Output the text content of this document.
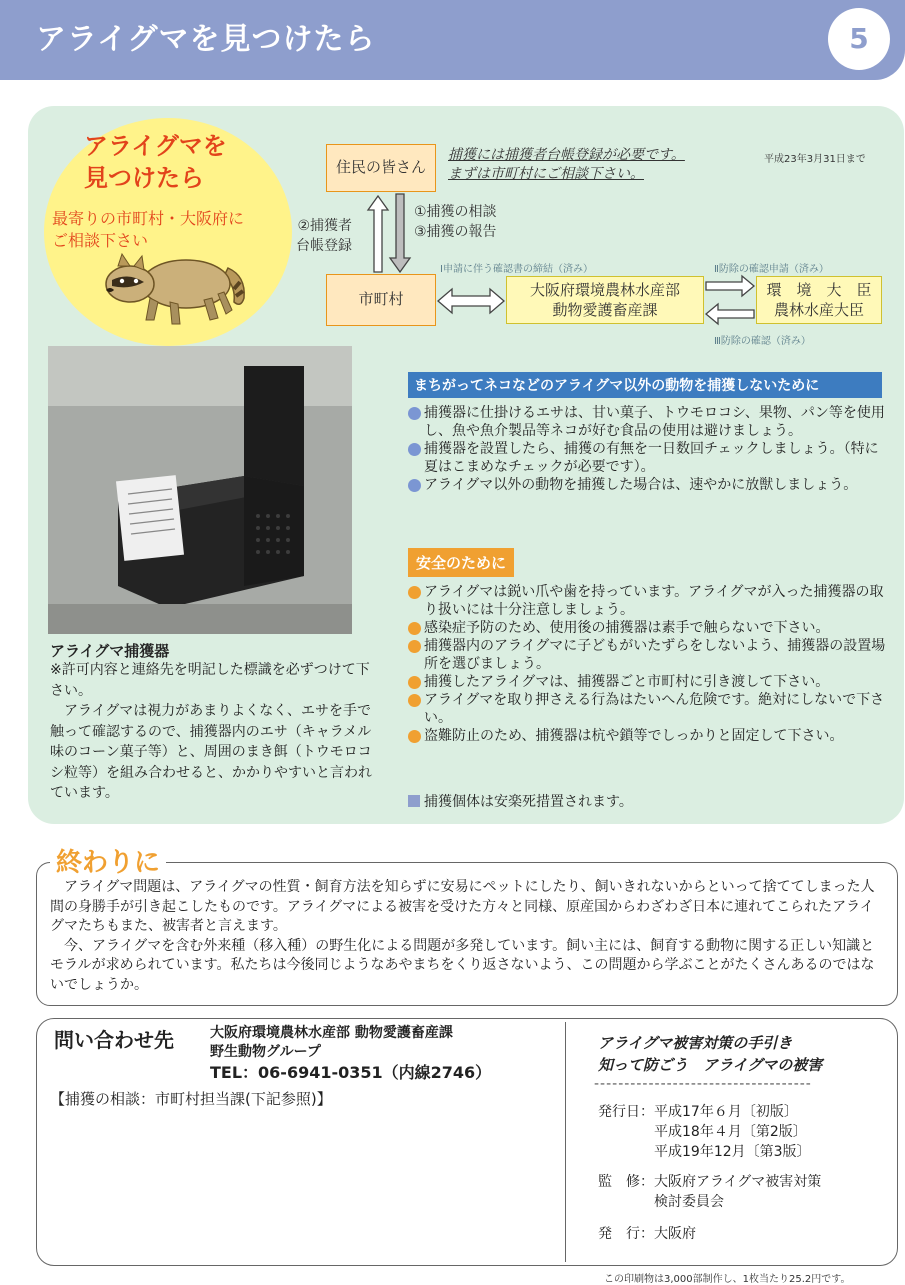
アライグマを見つけたら	5
アライグマを
見つけたら
最寄りの市町村・大阪府に
ご相談下さい
住民の皆さん
捕獲には捕獲者台帳登録が必要です。
まずは市町村にご相談下さい。
平成23年3月31日まで
②捕獲者
台帳登録
①捕獲の相談
③捕獲の報告
市町村	大阪府環境農林水産部
動物愛護畜産課
環　境　大　臣
農林水産大臣
Ⅰ申請に伴う確認書の締結（済み）	Ⅱ防除の確認申請（済み）
Ⅲ防除の確認（済み）
アライグマ捕獲器
※許可内容と連絡先を明記した標識を必ずつけて下さい。
　アライグマは視力があまりよくなく、エサを手で触って確認するので、捕獲器内のエサ（キャラメル味のコーン菓子等）と、周囲のまき餌（トウモロコシ粒等）を組み合わせると、かかりやすいと言われています。
まちがってネコなどのアライグマ以外の動物を捕獲しないために
捕獲器に仕掛けるエサは、甘い菓子、トウモロコシ、果物、パン等を使用し、魚や魚介製品等ネコが好む食品の使用は避けましょう。
捕獲器を設置したら、捕獲の有無を一日数回チェックしましょう。（特に夏はこまめなチェックが必要です）。
アライグマ以外の動物を捕獲した場合は、速やかに放獣しましょう。
安全のために
アライグマは鋭い爪や歯を持っています。アライグマが入った捕獲器の取り扱いには十分注意しましょう。
感染症予防のため、使用後の捕獲器は素手で触らないで下さい。
捕獲器内のアライグマに子どもがいたずらをしないよう、捕獲器の設置場所を選びましょう。
捕獲したアライグマは、捕獲器ごと市町村に引き渡して下さい。
アライグマを取り押さえる行為はたいへん危険です。絶対にしないで下さい。
盗難防止のため、捕獲器は杭や鎖等でしっかりと固定して下さい。
捕獲個体は安楽死措置されます。
終わりに
　アライグマ問題は、アライグマの性質・飼育方法を知らずに安易にペットにしたり、飼いきれないからといって捨ててしまった人間の身勝手が引き起こしたものです。アライグマによる被害を受けた方々と同様、原産国からわざわざ日本に連れてこられたアライグマたちもまた、被害者と言えます。
　今、アライグマを含む外来種（移入種）の野生化による問題が多発しています。飼い主には、飼育する動物に関する正しい知識とモラルが求められています。私たちは今後同じようなあやまちをくり返さないよう、この問題から学ぶことがたくさんあるのではないでしょうか。
問い合わせ先	大阪府環境農林水産部 動物愛護畜産課
野生動物グループ
TEL：06-6941-0351（内線2746）
【捕獲の相談：市町村担当課(下記参照)】
アライグマ被害対策の手引き
知って防ごう　アライグマの被害
------------------------------------
発行日：平成17年６月〔初版〕
　　　　平成18年４月〔第2版〕
　　　　平成19年12月〔第3版〕
監　修：大阪府アライグマ被害対策
　　　　検討委員会
発　行：大阪府
この印刷物は3,000部制作し、1枚当たり25.2円です。
